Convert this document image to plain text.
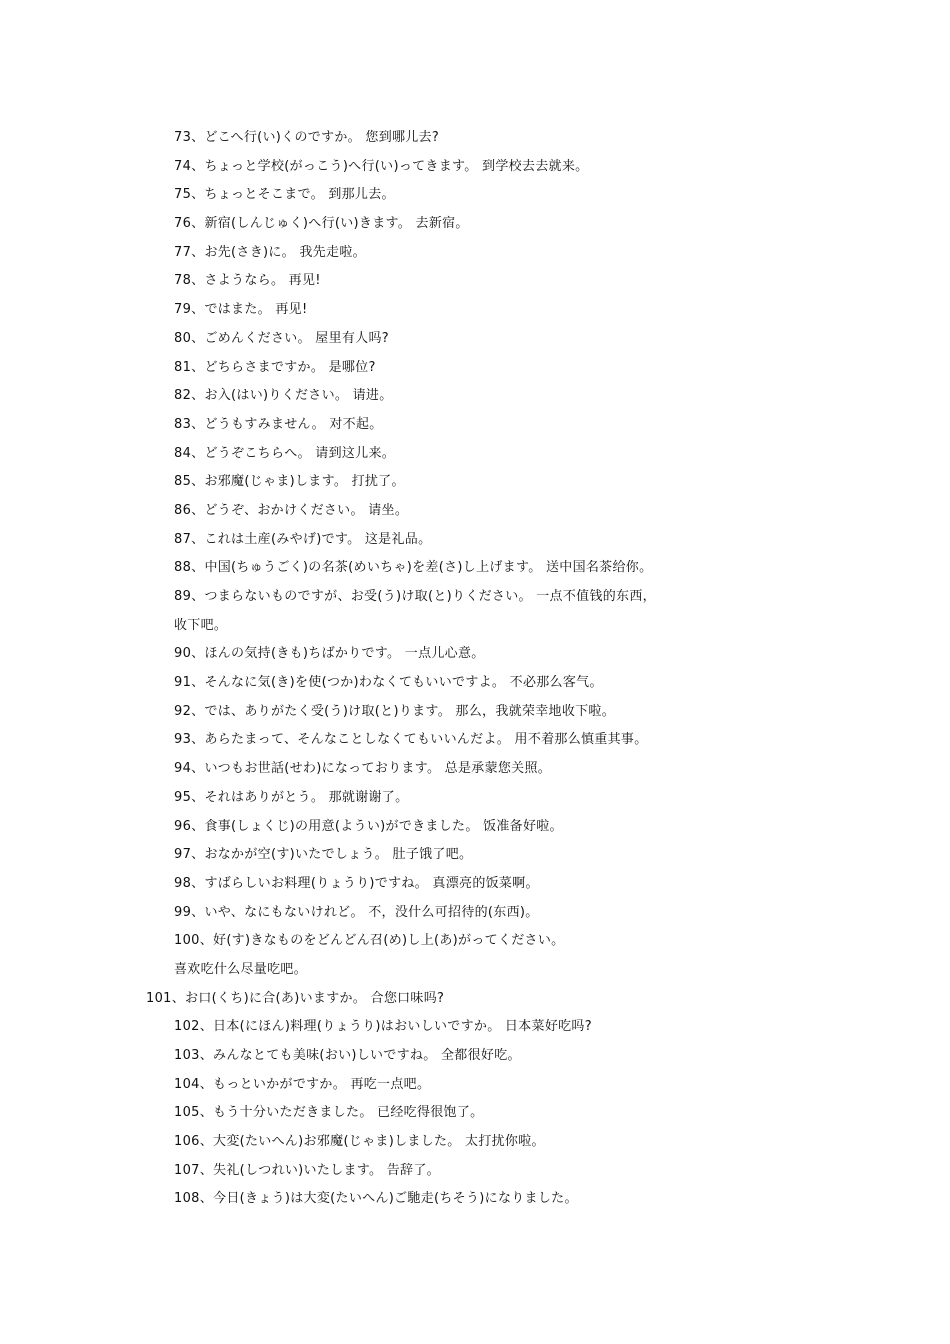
73、どこへ行(い)くのですか。 您到哪儿去?
74、ちょっと学校(がっこう)へ行(い)ってきます。 到学校去去就来。
75、ちょっとそこまで。 到那儿去。
76、新宿(しんじゅく)へ行(い)きます。 去新宿。
77、お先(さき)に。 我先走啦。
78、さようなら。 再见!
79、ではまた。 再见!
80、ごめんください。 屋里有人吗?
81、どちらさまですか。 是哪位?
82、お入(はい)りください。 请进。
83、どうもすみません。 对不起。
84、どうぞこちらへ。 请到这儿来。
85、お邪魔(じゃま)します。 打扰了。
86、どうぞ、おかけください。 请坐。
87、これは土産(みやげ)です。 这是礼品。
88、中国(ちゅうごく)の名茶(めいちゃ)を差(さ)し上げます。 送中国名茶给你。
89、つまらないものですが、お受(う)け取(と)りください。 一点不值钱的东西，
收下吧。
90、ほんの気持(きも)ちばかりです。 一点儿心意。
91、そんなに気(き)を使(つか)わなくてもいいですよ。 不必那么客气。
92、では、ありがたく受(う)け取(と)ります。 那么，我就荣幸地收下啦。
93、あらたまって、そんなことしなくてもいいんだよ。 用不着那么慎重其事。
94、いつもお世話(せわ)になっております。 总是承蒙您关照。
95、それはありがとう。 那就谢谢了。
96、食事(しょくじ)の用意(ようい)ができました。 饭准备好啦。
97、おなかが空(す)いたでしょう。 肚子饿了吧。
98、すばらしいお料理(りょうり)ですね。 真漂亮的饭菜啊。
99、いや、なにもないけれど。 不，没什么可招待的(东西)。
100、好(す)きなものをどんどん召(め)し上(あ)がってください。
喜欢吃什么尽量吃吧。
101、お口(くち)に合(あ)いますか。 合您口味吗?
102、日本(にほん)料理(りょうり)はおいしいですか。 日本菜好吃吗?
103、みんなとても美味(おい)しいですね。 全都很好吃。
104、もっといかがですか。 再吃一点吧。
105、もう十分いただきました。 已经吃得很饱了。
106、大変(たいへん)お邪魔(じゃま)しました。 太打扰你啦。
107、失礼(しつれい)いたします。 告辞了。
108、今日(きょう)は大変(たいへん)ご馳走(ちそう)になりました。
